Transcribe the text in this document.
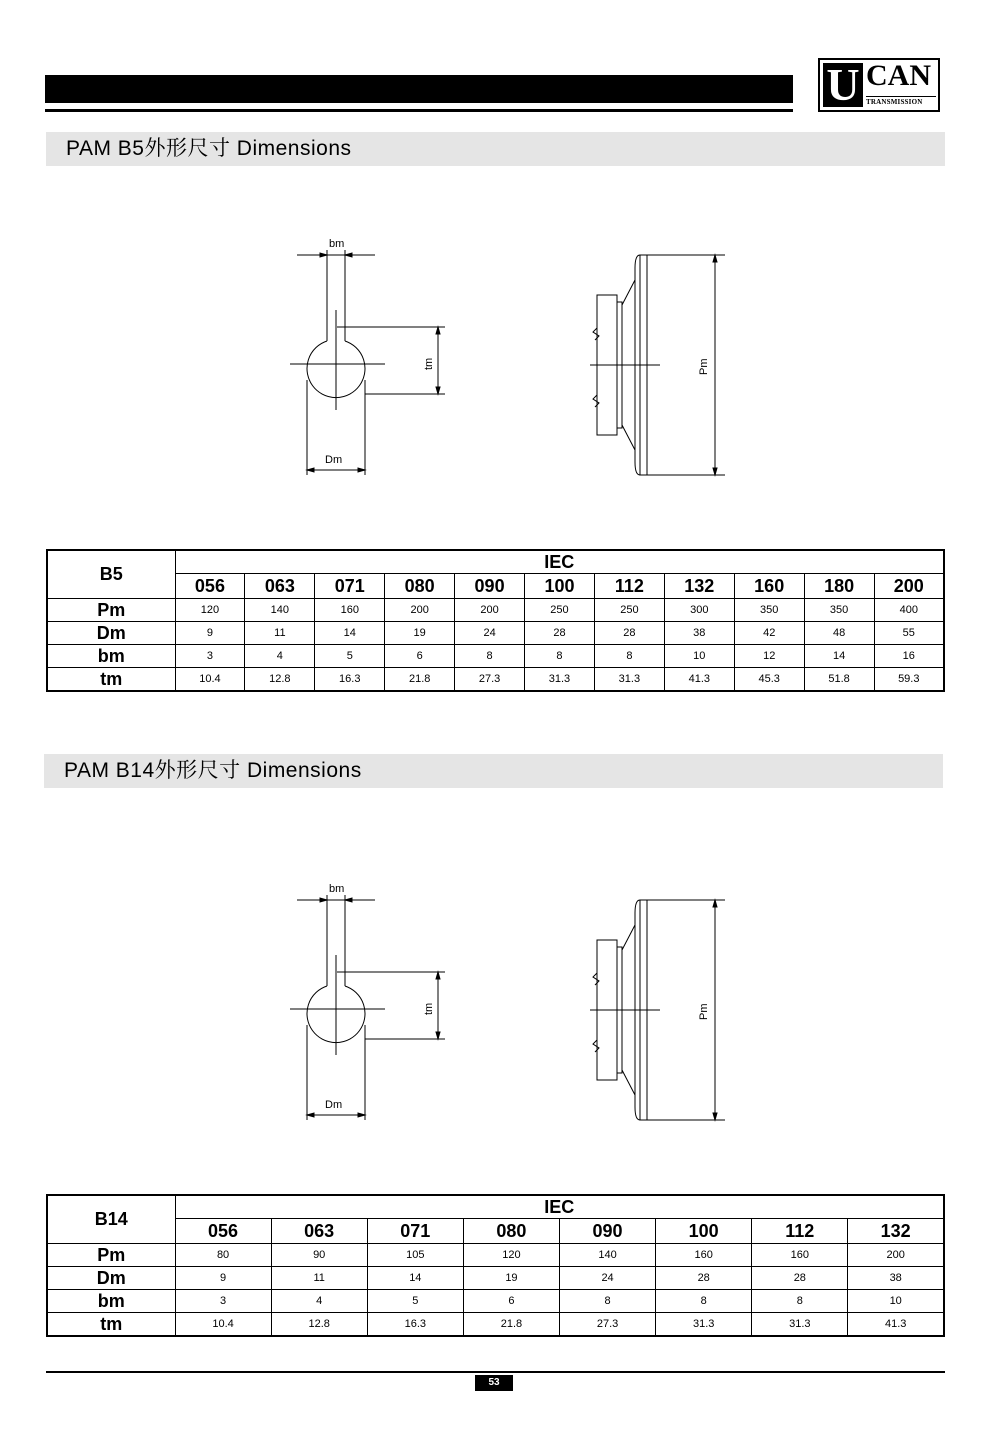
U CAN
TRANSMISSION
PAM B5外形尺寸 Dimensions
bm
Dm
tm	Pm
B5	IEC										
	056	063	071	080	090	100	112	132	160	180	200
Pm	120	140	160	200	200	250	250	300	350	350	400
Dm	9	11	14	19	24	28	28	38	42	48	55
bm	3	4	5	6	8	8	8	10	12	14	16
tm	10.4	12.8	16.3	21.8	27.3	31.3	31.3	41.3	45.3	51.8	59.3
PAM B14外形尺寸 Dimensions
bm
Dm
tm	Pm
B14	IEC							
	056	063	071	080	090	100	112	132
Pm	80	90	105	120	140	160	160	200
Dm	9	11	14	19	24	28	28	38
bm	3	4	5	6	8	8	8	10
tm	10.4	12.8	16.3	21.8	27.3	31.3	31.3	41.3
53
